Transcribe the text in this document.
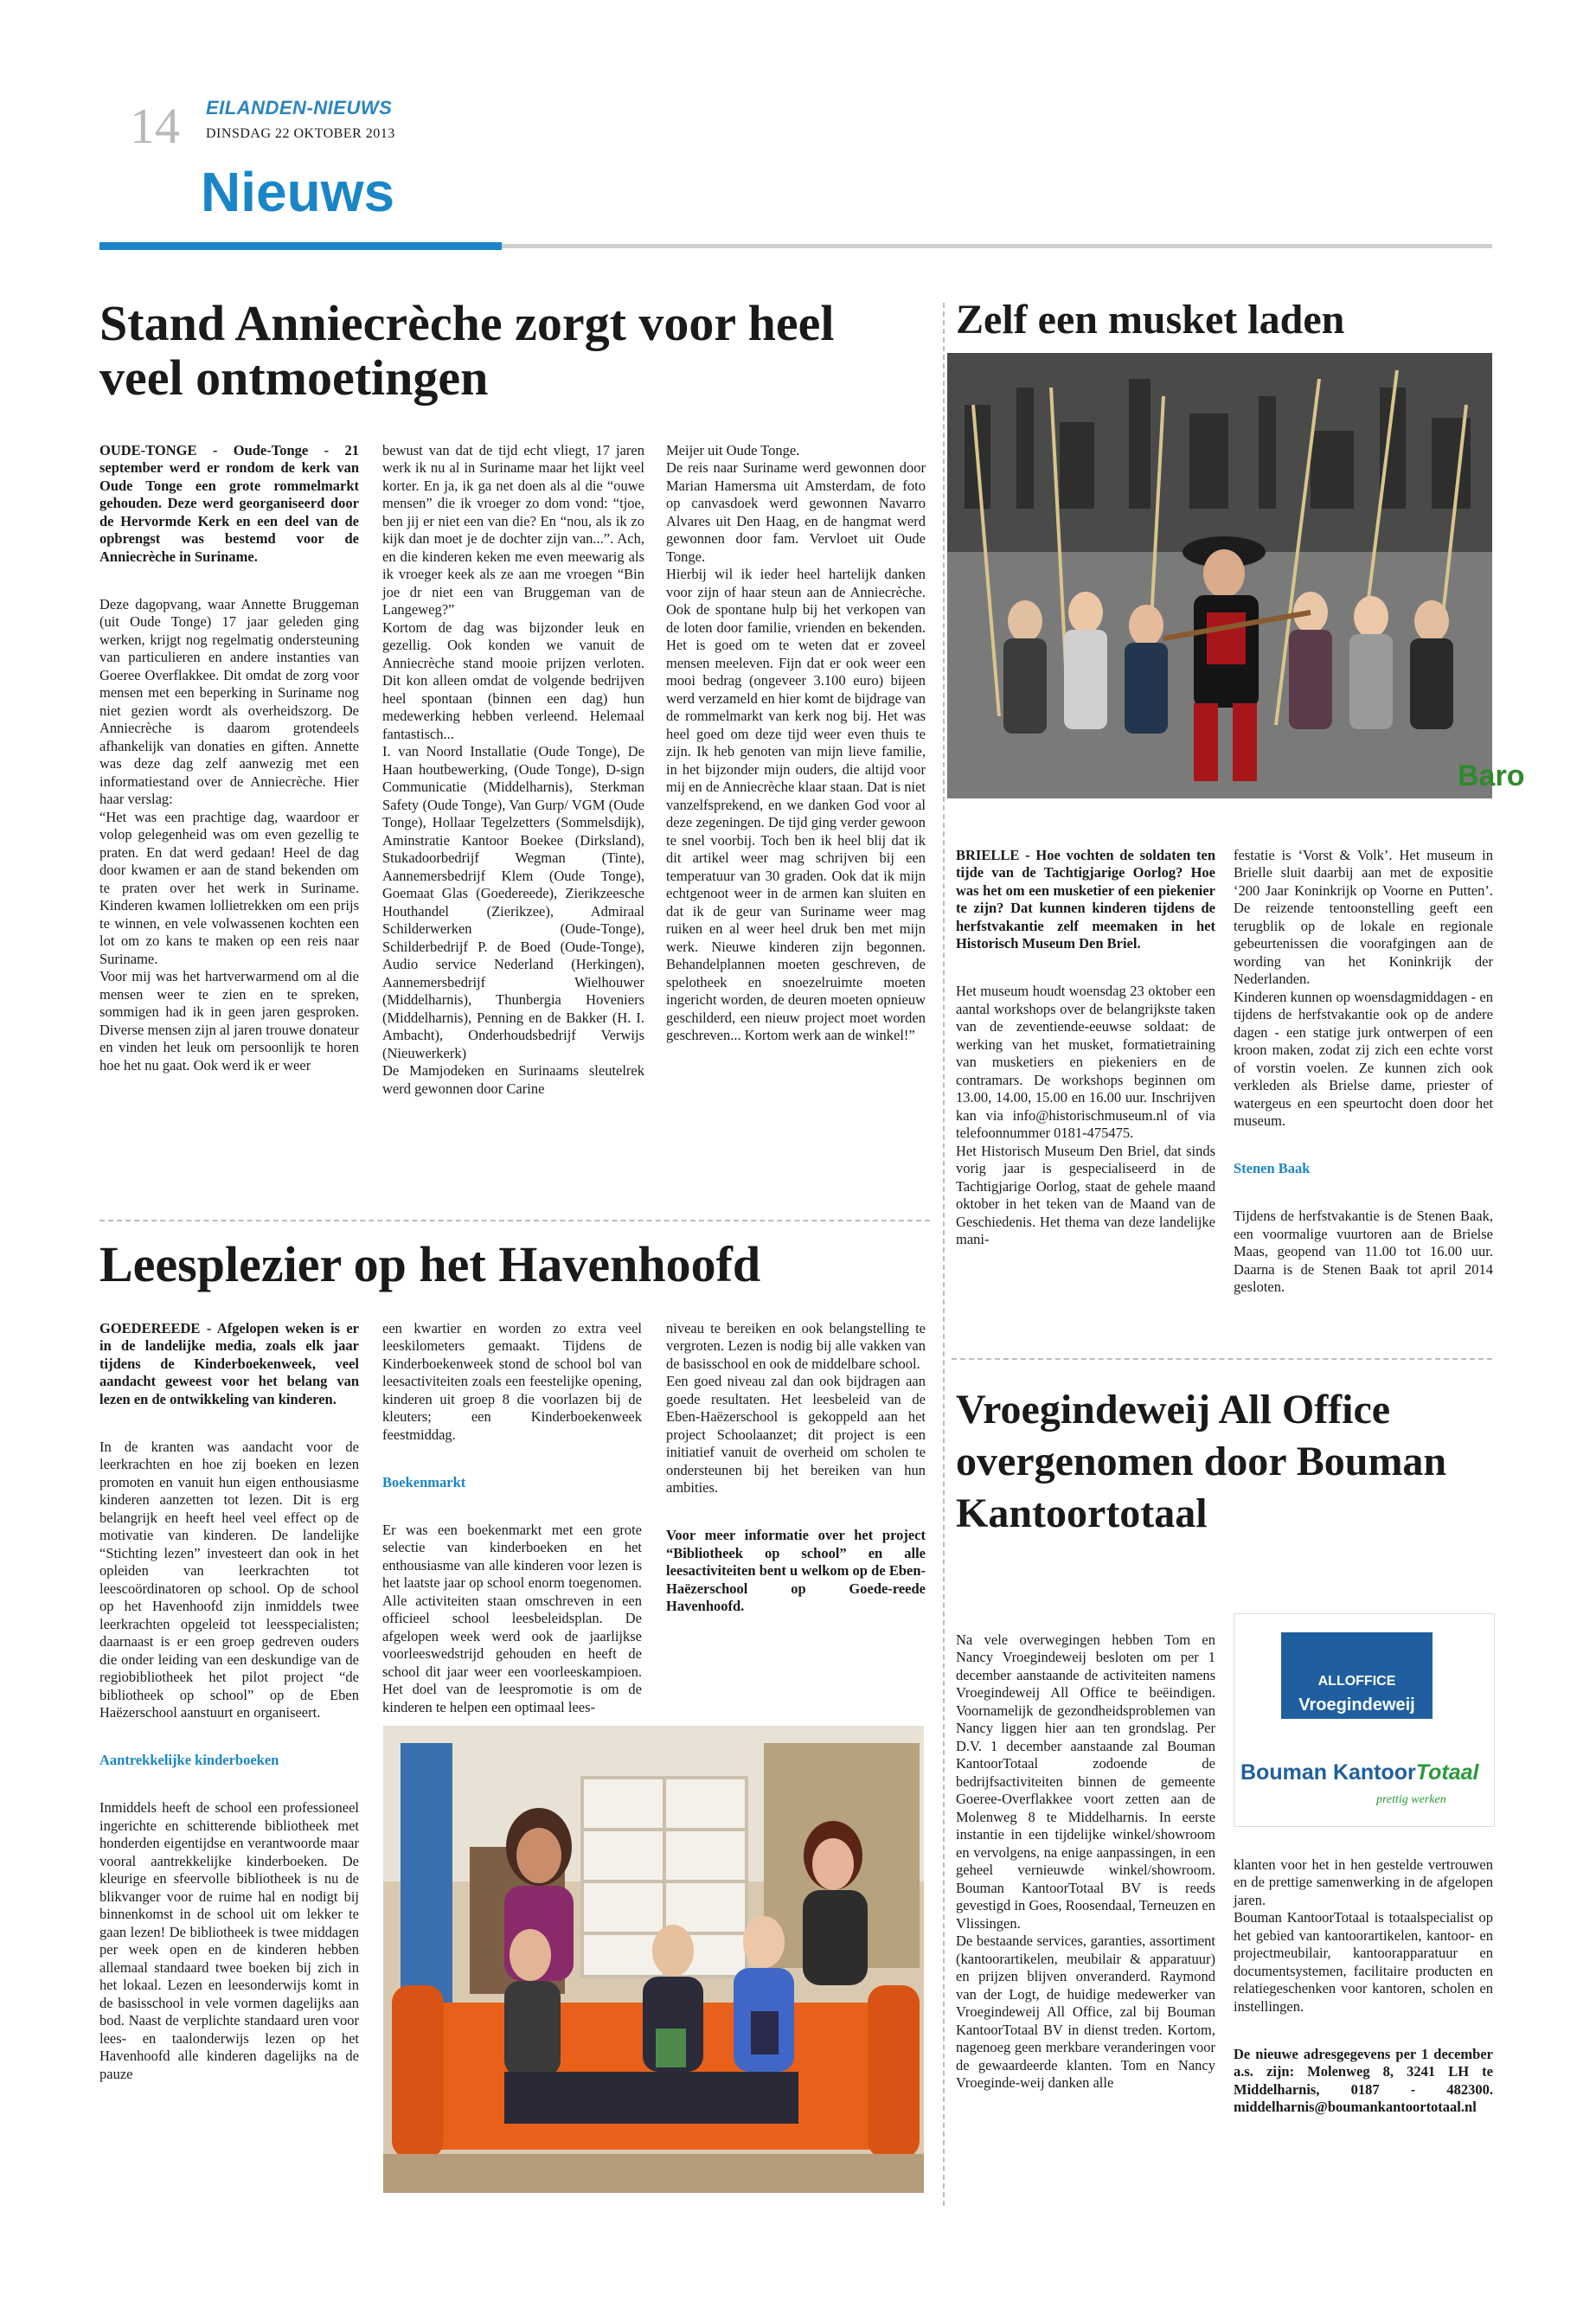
14 EILANDEN-NIEUWS
DINSDAG 22 OKTOBER 2013
Nieuws
Stand Anniecrèche zorgt voor heel
veel ontmoetingen

OUDE-TONGE - Oude-Tonge - 21 september werd er rondom de kerk van Oude Tonge een grote rommelmarkt gehouden. Deze werd georganiseerd door de Hervormde Kerk en een deel van de opbrengst was bestemd voor de Anniecrèche in Suriname.

Deze dagopvang, waar Annette Bruggeman (uit Oude Tonge) 17 jaar geleden ging werken, krijgt nog regelmatig ondersteuning van particulieren en andere instanties van Goeree Overflakkee. Dit omdat de zorg voor mensen met een beperking in Suriname nog niet gezien wordt als overheidszorg. De Anniecrèche is daarom grotendeels afhankelijk van donaties en giften. Annette was deze dag zelf aanwezig met een informatiestand over de Anniecrèche. Hier haar verslag:
“Het was een prachtige dag, waardoor er volop gelegenheid was om even gezellig te praten. En dat werd gedaan! Heel de dag door kwamen er aan de stand bekenden om te praten over het werk in Suriname. Kinderen kwamen lollietrekken om een prijs te winnen, en vele volwassenen kochten een lot om zo kans te maken op een reis naar Suriname.
Voor mij was het hartverwarmend om al die mensen weer te zien en te spreken, sommigen had ik in geen jaren gesproken. Diverse mensen zijn al jaren trouwe donateur en vinden het leuk om persoonlijk te horen hoe het nu gaat. Ook werd ik er weer

bewust van dat de tijd echt vliegt, 17 jaren werk ik nu al in Suriname maar het lijkt veel korter. En ja, ik ga net doen als al die “ouwe mensen” die ik vroeger zo dom vond: “tjoe, ben jij er niet een van die? En “nou, als ik zo kijk dan moet je de dochter zijn van...”. Ach, en die kinderen keken me even meewarig als ik vroeger keek als ze aan me vroegen “Bin joe dr niet een van Bruggeman van de Langeweg?”
Kortom de dag was bijzonder leuk en gezellig. Ook konden we vanuit de Anniecrèche stand mooie prijzen verloten. Dit kon alleen omdat de volgende bedrijven heel spontaan (binnen een dag) hun medewerking hebben verleend. Helemaal fantastisch...
I. van Noord Installatie (Oude Tonge), De Haan houtbewerking, (Oude Tonge), D-sign Communicatie (Middelharnis), Sterkman Safety (Oude Tonge), Van Gurp/ VGM (Oude Tonge), Hollaar Tegelzetters (Sommelsdijk), Aminstratie Kantoor Boekee (Dirksland), Stukadoorbedrijf Wegman (Tinte), Aannemersbedrijf Klem (Oude Tonge), Goemaat Glas (Goedereede), Zierikzeesche Houthandel (Zierikzee), Admiraal Schilderwerken (Oude-Tonge), Schilderbedrijf P. de Boed (Oude-Tonge), Audio service Nederland (Herkingen), Aannemersbedrijf Wielhouwer (Middelharnis), Thunbergia Hoveniers (Middelharnis), Penning en de Bakker (H. I. Ambacht), Onderhoudsbedrijf Verwijs (Nieuwerkerk)
De Mamjodeken en Surinaams sleutelrek werd gewonnen door Carine

Meijer uit Oude Tonge.
De reis naar Suriname werd gewonnen door Marian Hamersma uit Amsterdam, de foto op canvasdoek werd gewonnen Navarro Alvares uit Den Haag, en de hangmat werd gewonnen door fam. Vervloet uit Oude Tonge.
Hierbij wil ik ieder heel hartelijk danken voor zijn of haar steun aan de Anniecrèche. Ook de spontane hulp bij het verkopen van de loten door familie, vrienden en bekenden. Het is goed om te weten dat er zoveel mensen meeleven. Fijn dat er ook weer een mooi bedrag (ongeveer 3.100 euro) bijeen werd verzameld en hier komt de bijdrage van de rommelmarkt van kerk nog bij. Het was heel goed om deze tijd weer even thuis te zijn. Ik heb genoten van mijn lieve familie, in het bijzonder mijn ouders, die altijd voor mij en de Anniecrèche klaar staan. Dat is niet vanzelfsprekend, en we danken God voor al deze zegeningen. De tijd ging verder gewoon te snel voorbij. Toch ben ik heel blij dat ik dit artikel weer mag schrijven bij een temperatuur van 30 graden. Ook dat ik mijn echtgenoot weer in de armen kan sluiten en dat ik de geur van Suriname weer mag ruiken en al weer heel druk ben met mijn werk. Nieuwe kinderen zijn begonnen. Behandelplannen moeten geschreven, de spelotheek en snoezelruimte moeten ingericht worden, de deuren moeten opnieuw geschilderd, een nieuw project moet worden geschreven... Kortom werk aan de winkel!”

Leesplezier op het Havenhoofd

GOEDEREEDE - Afgelopen weken is er in de landelijke media, zoals elk jaar tijdens de Kinderboekenweek, veel aandacht geweest voor het belang van lezen en de ontwikkeling van kinderen.

In de kranten was aandacht voor de leerkrachten en hoe zij boeken en lezen promoten en vanuit hun eigen enthousiasme kinderen aanzetten tot lezen. Dit is erg belangrijk en heeft heel veel effect op de motivatie van kinderen. De landelijke “Stichting lezen” investeert dan ook in het opleiden van leerkrachten tot leescoördinatoren op school. Op de school op het Havenhoofd zijn inmiddels twee leerkrachten opgeleid tot leesspecialisten; daarnaast is er een groep gedreven ouders die onder leiding van een deskundige van de regiobibliotheek het pilot project “de bibliotheek op school” op de Eben Haëzerschool aanstuurt en organiseert.

Aantrekkelijke kinderboeken

Inmiddels heeft de school een professioneel ingerichte en schitterende bibliotheek met honderden eigentijdse en verantwoorde maar vooral aantrekkelijke kinderboeken. De kleurige en sfeervolle bibliotheek is nu de blikvanger voor de ruime hal en nodigt bij binnenkomst in de school uit om lekker te gaan lezen! De bibliotheek is twee middagen per week open en de kinderen hebben allemaal standaard twee boeken bij zich in het lokaal. Lezen en leesonderwijs komt in de basisschool in vele vormen dagelijks aan bod. Naast de verplichte standaard uren voor lees- en taalonderwijs lezen op het Havenhoofd alle kinderen dagelijks na de pauze

een kwartier en worden zo extra veel leeskilometers gemaakt. Tijdens de Kinderboekenweek stond de school bol van leesactiviteiten zoals een feestelijke opening, kinderen uit groep 8 die voorlazen bij de kleuters; een Kinderboekenweek feestmiddag.

Boekenmarkt

Er was een boekenmarkt met een grote selectie van kinderboeken en het enthousiasme van alle kinderen voor lezen is het laatste jaar op school enorm toegenomen. Alle activiteiten staan omschreven in een officieel school leesbeleidsplan. De afgelopen week werd ook de jaarlijkse voorleeswedstrijd gehouden en heeft de school dit jaar weer een voorleeskampioen. Het doel van de leespromotie is om de kinderen te helpen een optimaal lees-

niveau te bereiken en ook belangstelling te vergroten. Lezen is nodig bij alle vakken van de basisschool en ook de middelbare school.
Een goed niveau zal dan ook bijdragen aan goede resultaten. Het leesbeleid van de Eben-Haëzerschool is gekoppeld aan het project Schoolaanzet; dit project is een initiatief vanuit de overheid om scholen te ondersteunen bij het bereiken van hun ambities.

Voor meer informatie over het project “Bibliotheek op school” en alle leesactiviteiten bent u welkom op de Eben-Haëzerschool op Goede-reede Havenhoofd.

Zelf een musket laden
Baro

BRIELLE - Hoe vochten de soldaten ten tijde van de Tachtigjarige Oorlog? Hoe was het om een musketier of een piekenier te zijn? Dat kunnen kinderen tijdens de herfstvakantie zelf meemaken in het Historisch Museum Den Briel.

Het museum houdt woensdag 23 oktober een aantal workshops over de belangrijkste taken van de zeventiende-eeuwse soldaat: de werking van het musket, formatietraining van musketiers en piekeniers en de contramars. De workshops beginnen om 13.00, 14.00, 15.00 en 16.00 uur. Inschrijven kan via info@historischmuseum.nl of via telefoonnummer 0181-475475.
Het Historisch Museum Den Briel, dat sinds vorig jaar is gespecialiseerd in de Tachtigjarige Oorlog, staat de gehele maand oktober in het teken van de Maand van de Geschiedenis. Het thema van deze landelijke mani-

festatie is ‘Vorst & Volk’. Het museum in Brielle sluit daarbij aan met de expositie ‘200 Jaar Koninkrijk op Voorne en Putten’. De reizende tentoonstelling geeft een terugblik op de lokale en regionale gebeurtenissen die voorafgingen aan de wording van het Koninkrijk der Nederlanden.
Kinderen kunnen op woensdagmiddagen - en tijdens de herfstvakantie ook op de andere dagen - een statige jurk ontwerpen of een kroon maken, zodat zij zich een echte vorst of vorstin voelen. Ze kunnen zich ook verkleden als Brielse dame, priester of watergeus en een speurtocht doen door het museum.

Stenen Baak

Tijdens de herfstvakantie is de Stenen Baak, een voormalige vuurtoren aan de Brielse Maas, geopend van 11.00 tot 16.00 uur. Daarna is de Stenen Baak tot april 2014 gesloten.

Vroegindeweij All Office overgenomen door Bouman Kantoortotaal

Na vele overwegingen hebben Tom en Nancy Vroegindeweij besloten om per 1 december aanstaande de activiteiten namens Vroegindeweij All Office te beëindigen. Voornamelijk de gezondheidsproblemen van Nancy liggen hier aan ten grondslag. Per D.V. 1 december aanstaande zal Bouman KantoorTotaal zodoende de bedrijfsactiviteiten binnen de gemeente Goeree-Overflakkee voort zetten aan de Molenweg 8 te Middelharnis. In eerste instantie in een tijdelijke winkel/showroom en vervolgens, na enige aanpassingen, in een geheel vernieuwde winkel/showroom. Bouman KantoorTotaal BV is reeds gevestigd in Goes, Roosendaal, Terneuzen en Vlissingen.
De bestaande services, garanties, assortiment (kantoorartikelen, meubilair & apparatuur) en prijzen blijven onveranderd. Raymond van der Logt, de huidige medewerker van Vroegindeweij All Office, zal bij Bouman KantoorTotaal BV in dienst treden. Kortom, nagenoeg geen merkbare veranderingen voor de gewaardeerde klanten. Tom en Nancy Vroeginde-weij danken alle

ALLOFFICE
Vroegindeweij
Bouman KantoorTotaal
prettig werken

klanten voor het in hen gestelde vertrouwen en de prettige samenwerking in de afgelopen jaren.
Bouman KantoorTotaal is totaalspecialist op het gebied van kantoorartikelen, kantoor- en projectmeubilair, kantoorapparatuur en documentsystemen, facilitaire producten en relatiegeschenken voor kantoren, scholen en instellingen.

De nieuwe adresgegevens per 1 december a.s. zijn: Molenweg 8, 3241 LH te Middelharnis, 0187 - 482300. middelharnis@boumankantoortotaal.nl
